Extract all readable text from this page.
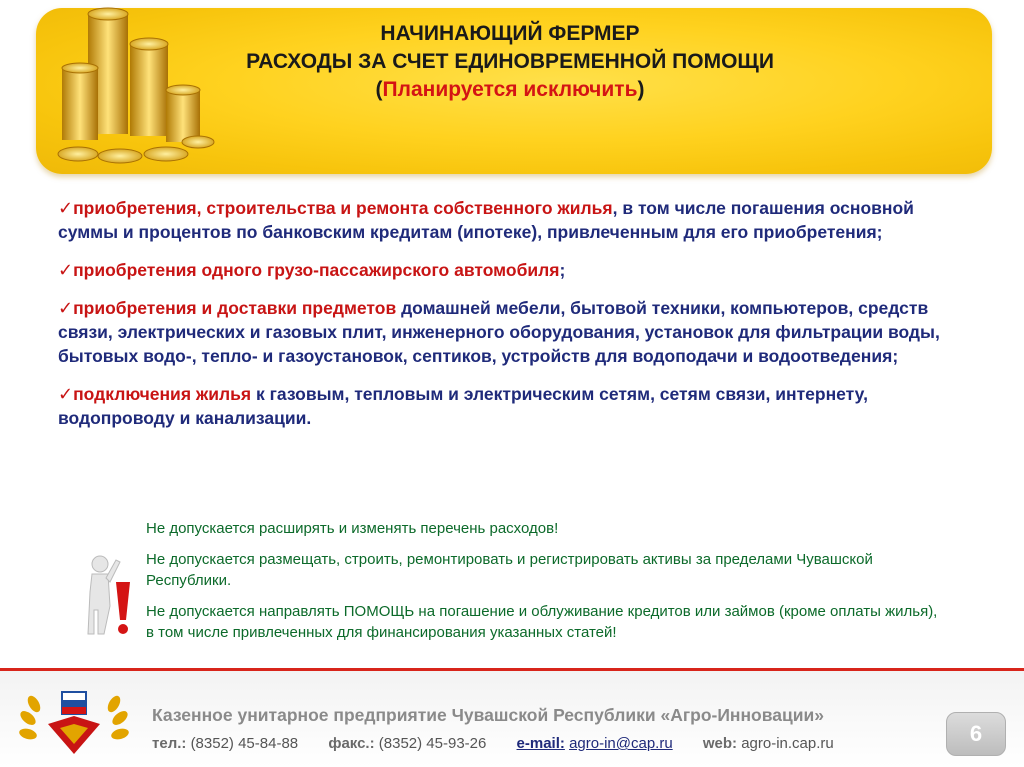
НАЧИНАЮЩИЙ ФЕРМЕР
РАСХОДЫ ЗА СЧЕТ ЕДИНОВРЕМЕННОЙ ПОМОЩИ
(Планируется исключить)
✓приобретения, строительства и ремонта собственного жилья, в том числе погашения основной суммы и процентов по банковским кредитам (ипотеке), привлеченным для его приобретения;
✓приобретения одного грузо-пассажирского автомобиля;
✓приобретения и доставки предметов домашней мебели, бытовой техники, компьютеров, средств связи, электрических и газовых плит, инженерного оборудования, установок для фильтрации воды, бытовых водо-, тепло- и газоустановок, септиков, устройств для водоподачи и водоотведения;
✓подключения жилья к газовым, тепловым и электрическим сетям, сетям связи, интернету, водопроводу и канализации.
Не допускается расширять и изменять перечень расходов!
Не допускается размещать, строить, ремонтировать и регистрировать активы за пределами Чувашской Республики.
Не допускается направлять ПОМОЩЬ на погашение и облуживание кредитов или займов (кроме оплаты жилья), в том числе привлеченных для финансирования указанных статей!
Казенное унитарное предприятие Чувашской Республики «Агро-Инновации»
тел.: (8352) 45-84-88 факс.: (8352) 45-93-26 e-mail: agro-in@cap.ru web: agro-in.cap.ru	6
